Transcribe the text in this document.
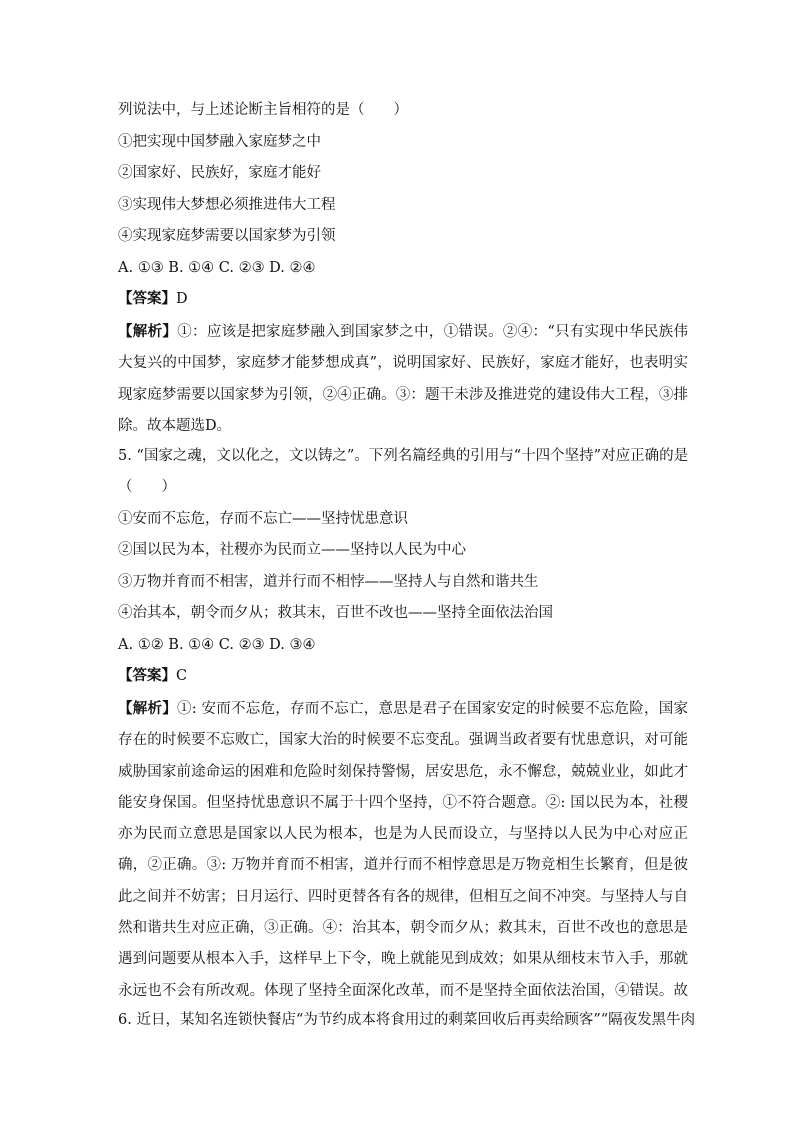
列说法中，与上述论断主旨相符的是（　　）
①把实现中国梦融入家庭梦之中
②国家好、民族好，家庭才能好
③实现伟大梦想必须推进伟大工程
④实现家庭梦需要以国家梦为引领
A. ①③ B. ①④ C. ②③ D. ②④
【答案】D
【解析】①：应该是把家庭梦融入到国家梦之中，①错误。②④：“只有实现中华民族伟大复兴的中国梦，家庭梦才能梦想成真”，说明国家好、民族好，家庭才能好，也表明实现家庭梦需要以国家梦为引领，②④正确。③：题干未涉及推进党的建设伟大工程，③排除。故本题选D。
5. “国家之魂，文以化之，文以铸之”。下列名篇经典的引用与“十四个坚持”对应正确的是
（　　）
①安而不忘危，存而不忘亡——坚持忧患意识
②国以民为本，社稷亦为民而立——坚持以人民为中心
③万物并育而不相害，道并行而不相悖——坚持人与自然和谐共生
④治其本，朝令而夕从；救其末，百世不改也——坚持全面依法治国
A. ①② B. ①④ C. ②③ D. ③④
【答案】C
【解析】①: 安而不忘危，存而不忘亡，意思是君子在国家安定的时候要不忘危险，国家存在的时候要不忘败亡，国家大治的时候要不忘变乱。强调当政者要有忧患意识，对可能威胁国家前途命运的困难和危险时刻保持警惕，居安思危，永不懈怠，兢兢业业，如此才能安身保国。但坚持忧患意识不属于十四个坚持，①不符合题意。②: 国以民为本，社稷亦为民而立意思是国家以人民为根本，也是为人民而设立，与坚持以人民为中心对应正确，②正确。③: 万物并育而不相害，道并行而不相悖意思是万物竞相生长繁育，但是彼此之间并不妨害；日月运行、四时更替各有各的规律，但相互之间不冲突。与坚持人与自然和谐共生对应正确，③正确。④：治其本，朝令而夕从；救其末，百世不改也的意思是遇到问题要从根本入手，这样早上下令，晚上就能见到成效；如果从细枝末节入手，那就永远也不会有所改观。体现了坚持全面深化改革，而不是坚持全面依法治国，④错误。故
6. 近日，某知名连锁快餐店“为节约成本将食用过的剩菜回收后再卖给顾客”“隔夜发黑牛肉
